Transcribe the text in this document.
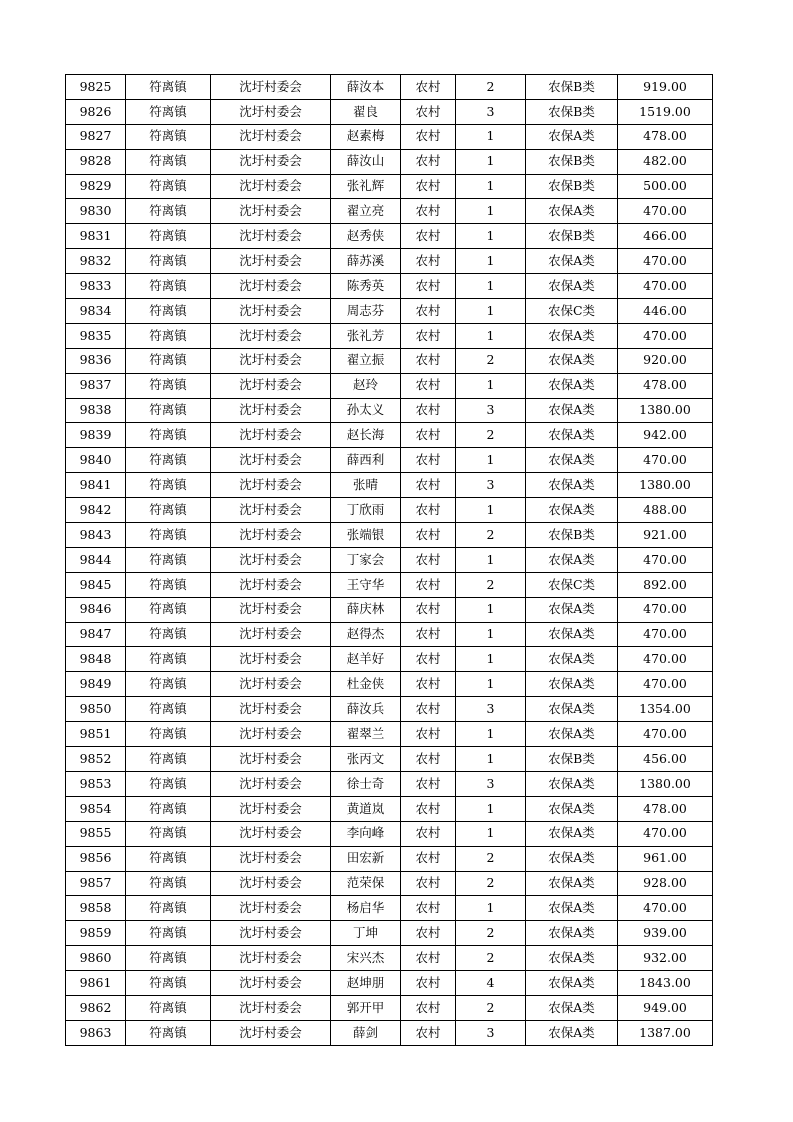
9825	符离镇	沈圩村委会	薛汝本	农村	2	农保B类	919.00
9826	符离镇	沈圩村委会	翟良	农村	3	农保B类	1519.00
9827	符离镇	沈圩村委会	赵素梅	农村	1	农保A类	478.00
9828	符离镇	沈圩村委会	薛汝山	农村	1	农保B类	482.00
9829	符离镇	沈圩村委会	张礼辉	农村	1	农保B类	500.00
9830	符离镇	沈圩村委会	翟立亮	农村	1	农保A类	470.00
9831	符离镇	沈圩村委会	赵秀侠	农村	1	农保B类	466.00
9832	符离镇	沈圩村委会	薛苏溪	农村	1	农保A类	470.00
9833	符离镇	沈圩村委会	陈秀英	农村	1	农保A类	470.00
9834	符离镇	沈圩村委会	周志芬	农村	1	农保C类	446.00
9835	符离镇	沈圩村委会	张礼芳	农村	1	农保A类	470.00
9836	符离镇	沈圩村委会	翟立振	农村	2	农保A类	920.00
9837	符离镇	沈圩村委会	赵玲	农村	1	农保A类	478.00
9838	符离镇	沈圩村委会	孙太义	农村	3	农保A类	1380.00
9839	符离镇	沈圩村委会	赵长海	农村	2	农保A类	942.00
9840	符离镇	沈圩村委会	薛西利	农村	1	农保A类	470.00
9841	符离镇	沈圩村委会	张晴	农村	3	农保A类	1380.00
9842	符离镇	沈圩村委会	丁欣雨	农村	1	农保A类	488.00
9843	符离镇	沈圩村委会	张端银	农村	2	农保B类	921.00
9844	符离镇	沈圩村委会	丁家会	农村	1	农保A类	470.00
9845	符离镇	沈圩村委会	王守华	农村	2	农保C类	892.00
9846	符离镇	沈圩村委会	薛庆林	农村	1	农保A类	470.00
9847	符离镇	沈圩村委会	赵得杰	农村	1	农保A类	470.00
9848	符离镇	沈圩村委会	赵羊好	农村	1	农保A类	470.00
9849	符离镇	沈圩村委会	杜金侠	农村	1	农保A类	470.00
9850	符离镇	沈圩村委会	薛汝兵	农村	3	农保A类	1354.00
9851	符离镇	沈圩村委会	翟翠兰	农村	1	农保A类	470.00
9852	符离镇	沈圩村委会	张丙文	农村	1	农保B类	456.00
9853	符离镇	沈圩村委会	徐士奇	农村	3	农保A类	1380.00
9854	符离镇	沈圩村委会	黄道岚	农村	1	农保A类	478.00
9855	符离镇	沈圩村委会	李向峰	农村	1	农保A类	470.00
9856	符离镇	沈圩村委会	田宏新	农村	2	农保A类	961.00
9857	符离镇	沈圩村委会	范荣保	农村	2	农保A类	928.00
9858	符离镇	沈圩村委会	杨启华	农村	1	农保A类	470.00
9859	符离镇	沈圩村委会	丁坤	农村	2	农保A类	939.00
9860	符离镇	沈圩村委会	宋兴杰	农村	2	农保A类	932.00
9861	符离镇	沈圩村委会	赵坤朋	农村	4	农保A类	1843.00
9862	符离镇	沈圩村委会	郭开甲	农村	2	农保A类	949.00
9863	符离镇	沈圩村委会	薛剑	农村	3	农保A类	1387.00
